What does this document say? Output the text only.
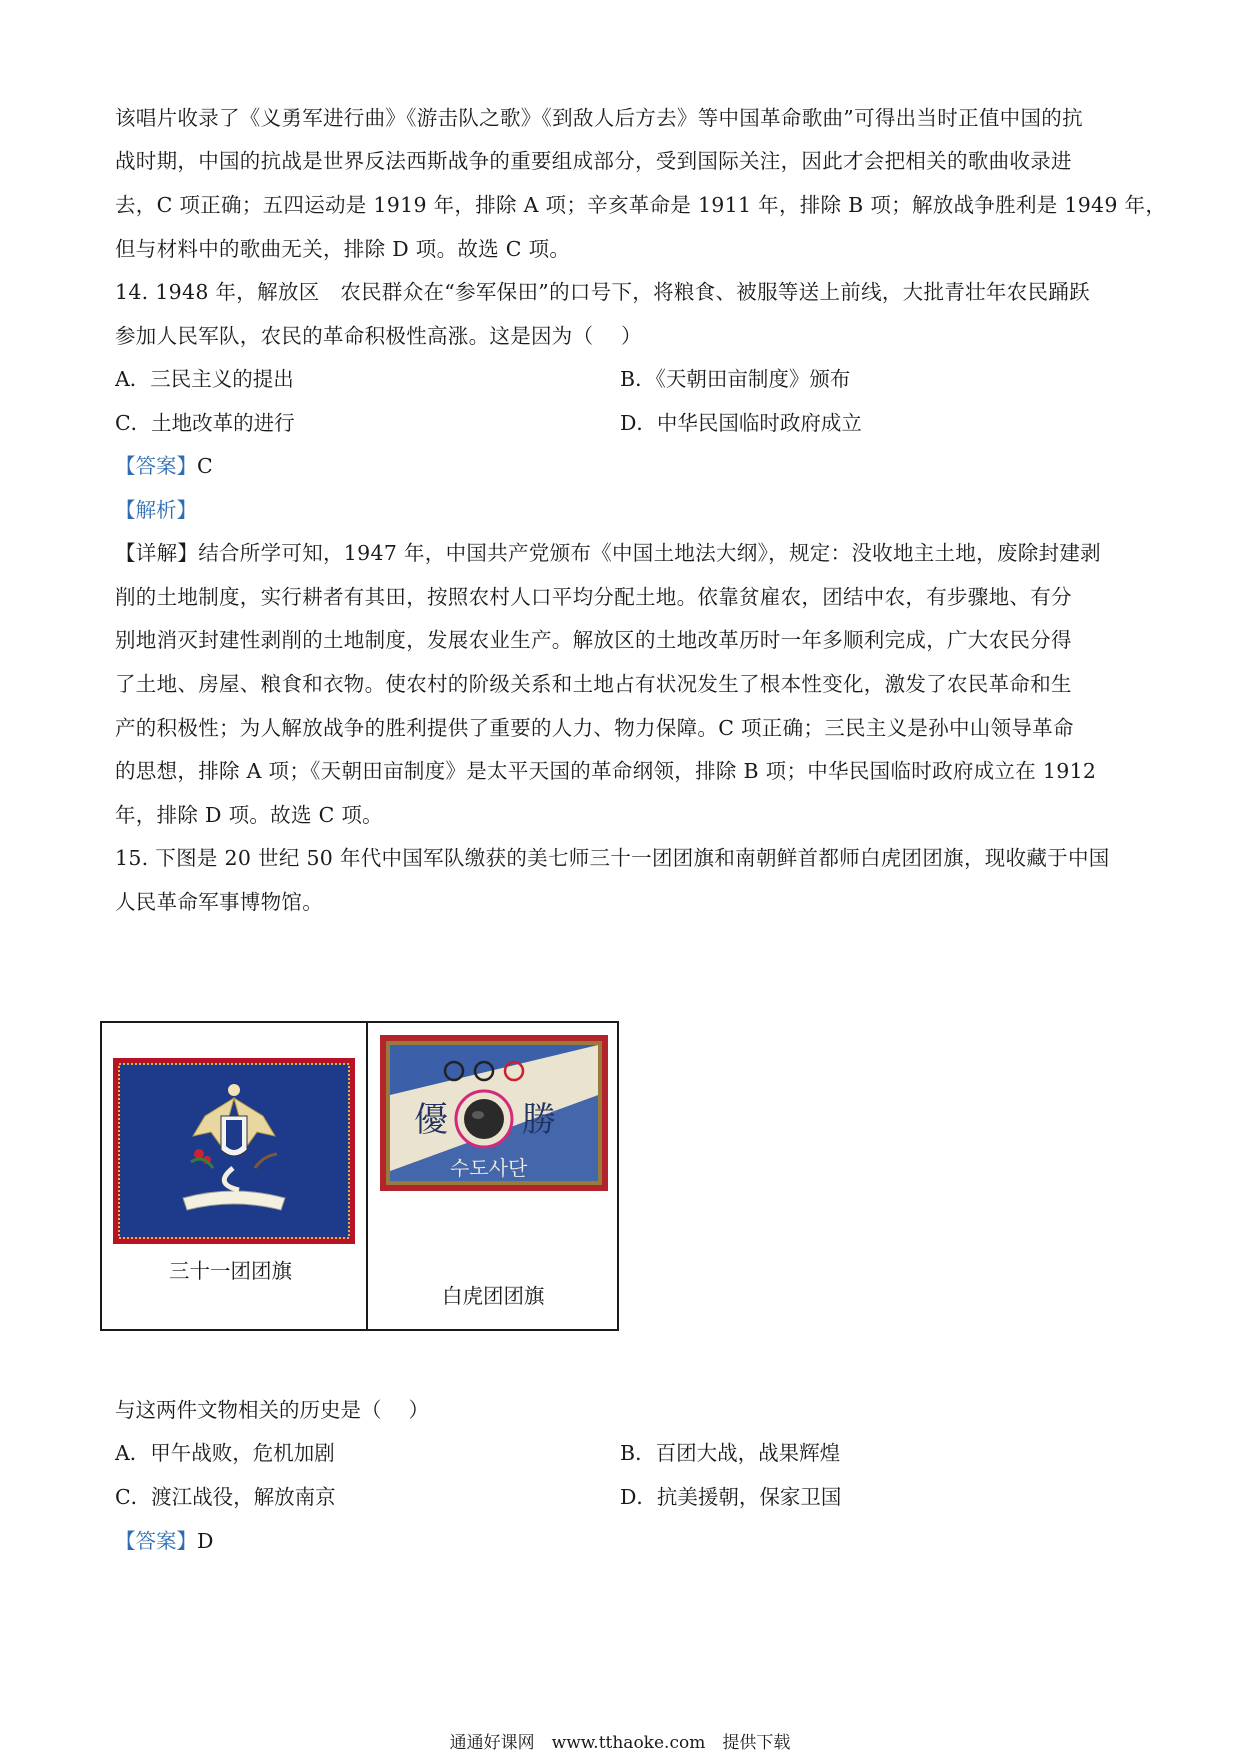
该唱片收录了《义勇军进行曲》《游击队之歌》《到敌人后方去》等中国革命歌曲”可得出当时正值中国的抗
战时期，中国的抗战是世界反法西斯战争的重要组成部分，受到国际关注，因此才会把相关的歌曲收录进
去，C 项正确；五四运动是 1919 年，排除 A 项；辛亥革命是 1911 年，排除 B 项；解放战争胜利是 1949 年，
但与材料中的歌曲无关，排除 D 项。故选 C 项。
14. 1948 年，解放区　农民群众在“参军保田”的口号下，将粮食、被服等送上前线，大批青壮年农民踊跃
参加人民军队，农民的革命积极性高涨。这是因为（　 ）
A．三民主义的提出	B．《天朝田亩制度》颁布
C．土地改革的进行	D．中华民国临时政府成立
【答案】C
【解析】
【详解】结合所学可知，1947 年，中国共产党颁布《中国土地法大纲》，规定：没收地主土地，废除封建剥
削的土地制度，实行耕者有其田，按照农村人口平均分配土地。依靠贫雇农，团结中农，有步骤地、有分
别地消灭封建性剥削的土地制度，发展农业生产。解放区的土地改革历时一年多顺利完成，广大农民分得
了土地、房屋、粮食和衣物。使农村的阶级关系和土地占有状况发生了根本性变化，激发了农民革命和生
产的积极性；为人解放战争的胜利提供了重要的人力、物力保障。C 项正确；三民主义是孙中山领导革命
的思想，排除 A 项；《天朝田亩制度》是太平天国的革命纲领，排除 B 项；中华民国临时政府成立在 1912
年，排除 D 项。故选 C 项。
15. 下图是 20 世纪 50 年代中国军队缴获的美七师三十一团团旗和南朝鲜首都师白虎团团旗，现收藏于中国
人民革命军事博物馆。
三十一团团旗
優 勝
수도사단
白虎团团旗
与这两件文物相关的历史是（　 ）
A．甲午战败，危机加剧	B．百团大战，战果辉煌
C．渡江战役，解放南京	D．抗美援朝，保家卫国
【答案】D
通通好课网　www.tthaoke.com　提供下载
